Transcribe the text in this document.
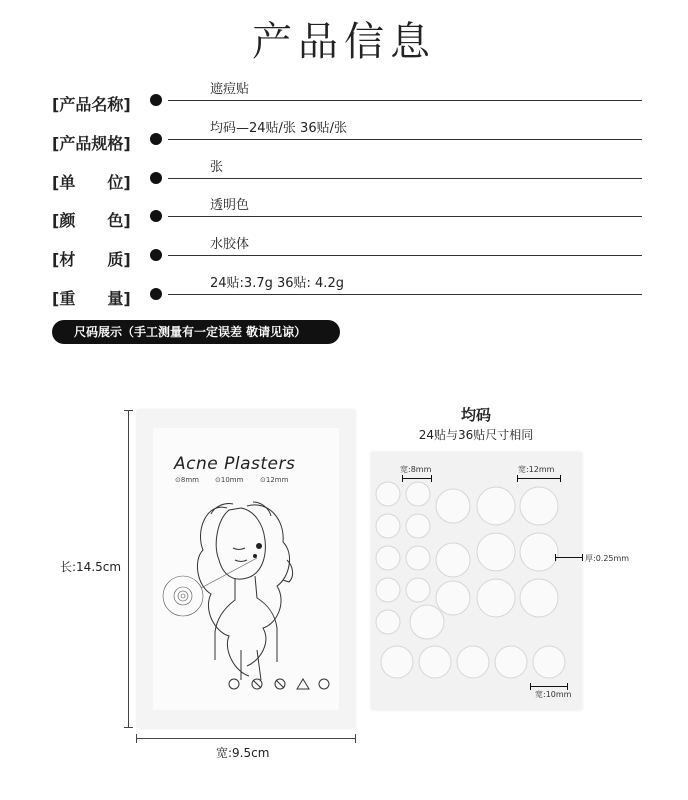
产品信息
[产品名称]
遮痘贴
[产品规格]
均码—24贴/张 36贴/张
[单　　位]
张
[颜　　色]
透明色
[材　　质]
水胶体
[重　　量]
24贴:3.7g 36贴: 4.2g
尺码展示（手工测量有一定误差 敬请见谅）
长:14.5cm
宽:9.5cm
Acne Plasters
⊙8mm ⊙10mm ⊙12mm
均码
24贴与36贴尺寸相同
宽:8mm	宽:12mm
厚:0.25mm
宽:10mm
